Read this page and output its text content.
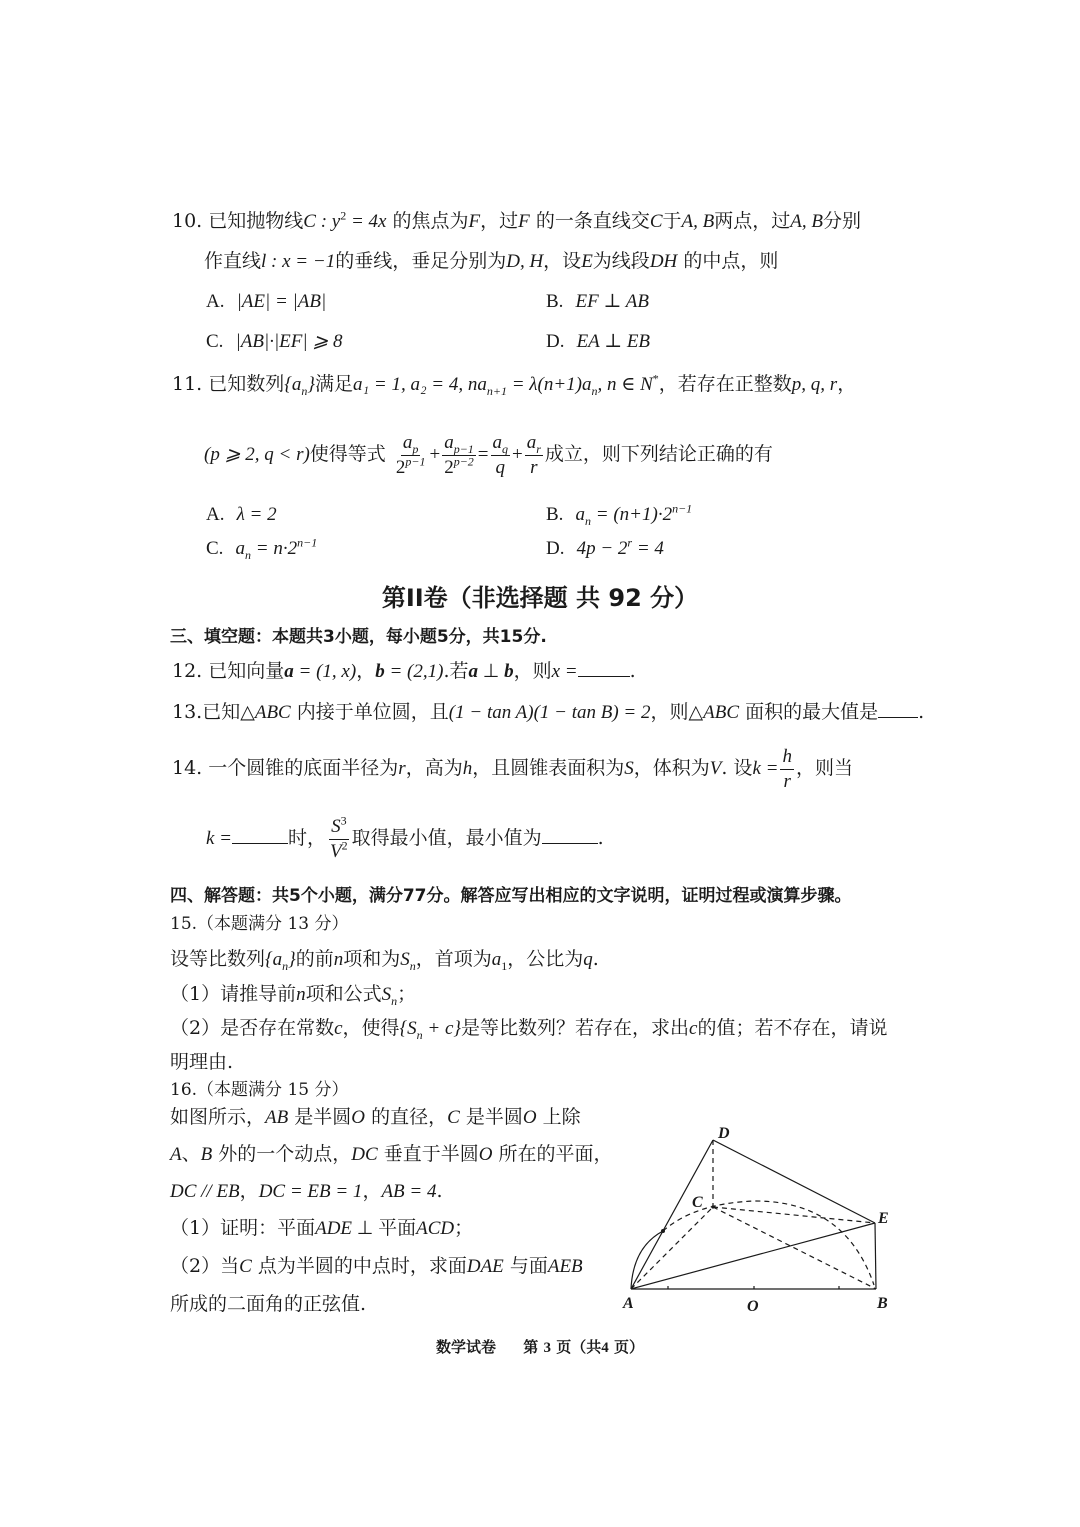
10. 已知抛物线C : $y^2 = 4x$ 的焦点为F，过F 的一条直线交C于A, B两点，过A, B分别
作直线l : x = −1的垂线，垂足分别为D, H，设E为线段DH 的中点，则
A. |AE| = |AB|	B. EF ⊥ AB
C. |AB|·|EF| ⩾ 8	D. EA ⊥ EB
11. 已知数列$\{a_n\}$满足a₁ = 1, a₂ = 4, $na_{n+1} = \lambda(n+1)a_n$, n ∈ N*，若存在正整数p, q, r，
(p ⩾ 2, q < r)使得等式 $\frac{a_p}{2^{p-1}} + \frac{a_{p-1}}{2^{p-2}} = \frac{a_q}{q} + \frac{a_r}{r}$ 成立，则下列结论正确的有
A. λ = 2	B. $a_n = (n+1)\cdot 2^{n-1}$
C. $a_n = n\cdot 2^{n-1}$	D. $4p - 2^r = 4$
第II卷（非选择题 共 92 分）
三、填空题：本题共3小题，每小题5分，共15分.
12. 已知向量a = (1, x)，b = (2,1).若a ⊥ b，则x =	.
13.已知△ABC 内接于单位圆，且(1 − tan A)(1 − tan B) = 2，则△ABC 面积的最大值是 .
14. 一个圆锥的底面半径为r，高为h，且圆锥表面积为S，体积为V. 设$k = \frac{h}{r}$ ，则当
k =	时， $\frac{S^3}{V^2}$ 取得最小值，最小值为	.
四、解答题：共5个小题，满分77分。解答应写出相应的文字说明，证明过程或演算步骤。
15.（本题满分 13 分）
设等比数列$\{a_n\}$的前n项和为$S_n$，首项为$a_1$，公比为q.
（1）请推导前n项和公式$S_n$；
（2）是否存在常数c，使得$\{S_n + c\}$是等比数列？若存在，求出c的值；若不存在，请说
明理由.
16.（本题满分 15 分）
如图所示，AB 是半圆O 的直径，C 是半圆O 上除
A、B 外的一个动点，DC 垂直于半圆O 所在的平面，
DC // EB，DC = EB = 1，AB = 4.
（1）证明：平面ADE ⊥ 平面ACD；
（2）当C 点为半圆的中点时，求面DAE 与面AEB
所成的二面角的正弦值.
D
C
E
A	O	B
数学试卷 第 3 页（共4 页）
